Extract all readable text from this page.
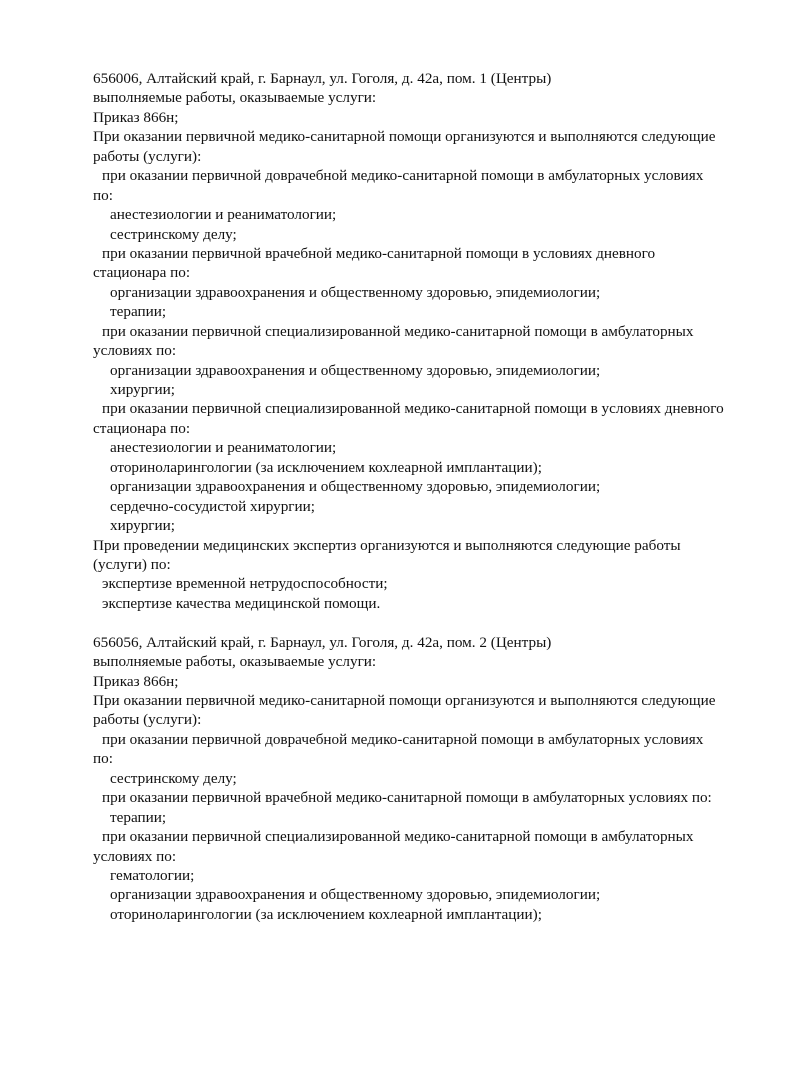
656006, Алтайский край, г. Барнаул, ул. Гоголя, д. 42а, пом. 1 (Центры)
выполняемые работы, оказываемые услуги:
Приказ 866н;
При оказании первичной медико-санитарной помощи организуются и выполняются следующие
работы (услуги):
при оказании первичной доврачебной медико-санитарной помощи в амбулаторных условиях
по:
анестезиологии и реаниматологии;
сестринскому делу;
при оказании первичной врачебной медико-санитарной помощи в условиях дневного
стационара по:
организации здравоохранения и общественному здоровью, эпидемиологии;
терапии;
при оказании первичной специализированной медико-санитарной помощи в амбулаторных
условиях по:
организации здравоохранения и общественному здоровью, эпидемиологии;
хирургии;
при оказании первичной специализированной медико-санитарной помощи в условиях дневного
стационара по:
анестезиологии и реаниматологии;
оториноларингологии (за исключением кохлеарной имплантации);
организации здравоохранения и общественному здоровью, эпидемиологии;
сердечно-сосудистой хирургии;
хирургии;
При проведении медицинских экспертиз организуются и выполняются следующие работы
(услуги) по:
экспертизе временной нетрудоспособности;
экспертизе качества медицинской помощи.
656056, Алтайский край, г. Барнаул, ул. Гоголя, д. 42а, пом. 2 (Центры)
выполняемые работы, оказываемые услуги:
Приказ 866н;
При оказании первичной медико-санитарной помощи организуются и выполняются следующие
работы (услуги):
при оказании первичной доврачебной медико-санитарной помощи в амбулаторных условиях
по:
сестринскому делу;
при оказании первичной врачебной медико-санитарной помощи в амбулаторных условиях по:
терапии;
при оказании первичной специализированной медико-санитарной помощи в амбулаторных
условиях по:
гематологии;
организации здравоохранения и общественному здоровью, эпидемиологии;
оториноларингологии (за исключением кохлеарной имплантации);
